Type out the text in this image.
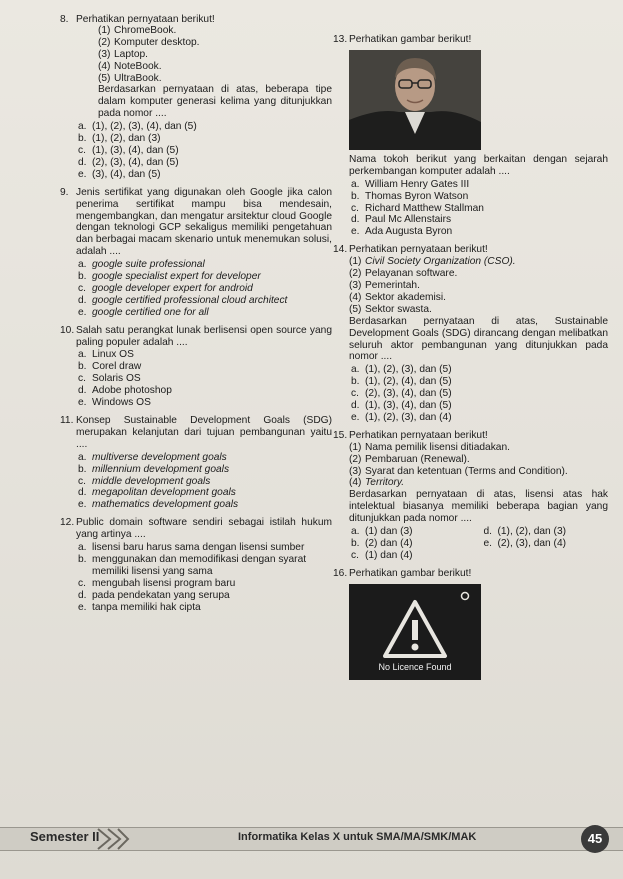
8. Perhatikan pernyataan berikut!
(1) ChromeBook.
(2) Komputer desktop.
(3) Laptop.
(4) NoteBook.
(5) UltraBook.
Berdasarkan pernyataan di atas, beberapa tipe dalam komputer generasi kelima yang ditunjukkan pada nomor ....
a. (1), (2), (3), (4), dan (5)
b. (1), (2), dan (3)
c. (1), (3), (4), dan (5)
d. (2), (3), (4), dan (5)
e. (3), (4), dan (5)
9. Jenis sertifikat yang digunakan oleh Google jika calon penerima sertifikat mampu bisa mendesain, mengembangkan, dan mengatur arsitektur cloud Google dengan teknologi GCP sekaligus memiliki pengetahuan dan berbagai macam skenario untuk menemukan solusi, adalah ....
a. google suite professional
b. google specialist expert for developer
c. google developer expert for android
d. google certified professional cloud architect
e. google certified one for all
10. Salah satu perangkat lunak berlisensi open source yang paling populer adalah ....
a. Linux OS
b. Corel draw
c. Solaris OS
d. Adobe photoshop
e. Windows OS
11. Konsep Sustainable Development Goals (SDG) merupakan kelanjutan dari tujuan pembangunan yaitu ....
a. multiverse development goals
b. millennium development goals
c. middle development goals
d. megapolitan development goals
e. mathematics development goals
12. Public domain software sendiri sebagai istilah hukum yang artinya ....
a. lisensi baru harus sama dengan lisensi sumber
b. menggunakan dan memodifikasi dengan syarat memiliki lisensi yang sama
c. mengubah lisensi program baru
d. pada pendekatan yang serupa
e. tanpa memiliki hak cipta
13. Perhatikan gambar berikut!
Nama tokoh berikut yang berkaitan dengan sejarah perkembangan komputer adalah ....
a. William Henry Gates III
b. Thomas Byron Watson
c. Richard Matthew Stallman
d. Paul Mc Allenstairs
e. Ada Augusta Byron
14. Perhatikan pernyataan berikut!
(1) Civil Society Organization (CSO).
(2) Pelayanan software.
(3) Pemerintah.
(4) Sektor akademisi.
(5) Sektor swasta.
Berdasarkan pernyataan di atas, Sustainable Development Goals (SDG) dirancang dengan melibatkan seluruh aktor pembangunan yang ditunjukkan pada nomor ....
a. (1), (2), (3), dan (5)
b. (1), (2), (4), dan (5)
c. (2), (3), (4), dan (5)
d. (1), (3), (4), dan (5)
e. (1), (2), (3), dan (4)
15. Perhatikan pernyataan berikut!
(1) Nama pemilik lisensi ditiadakan.
(2) Pembaruan (Renewal).
(3) Syarat dan ketentuan (Terms and Condition).
(4) Territory.
Berdasarkan pernyataan di atas, lisensi atas hak intelektual biasanya memiliki beberapa bagian yang ditunjukkan pada nomor ....
a. (1) dan (3)	d. (1), (2), dan (3)
b. (2) dan (4)	e. (2), (3), dan (4)
c. (1) dan (4)
16. Perhatikan gambar berikut!
No Licence Found
Semester II	Informatika Kelas X untuk SMA/MA/SMK/MAK	45
